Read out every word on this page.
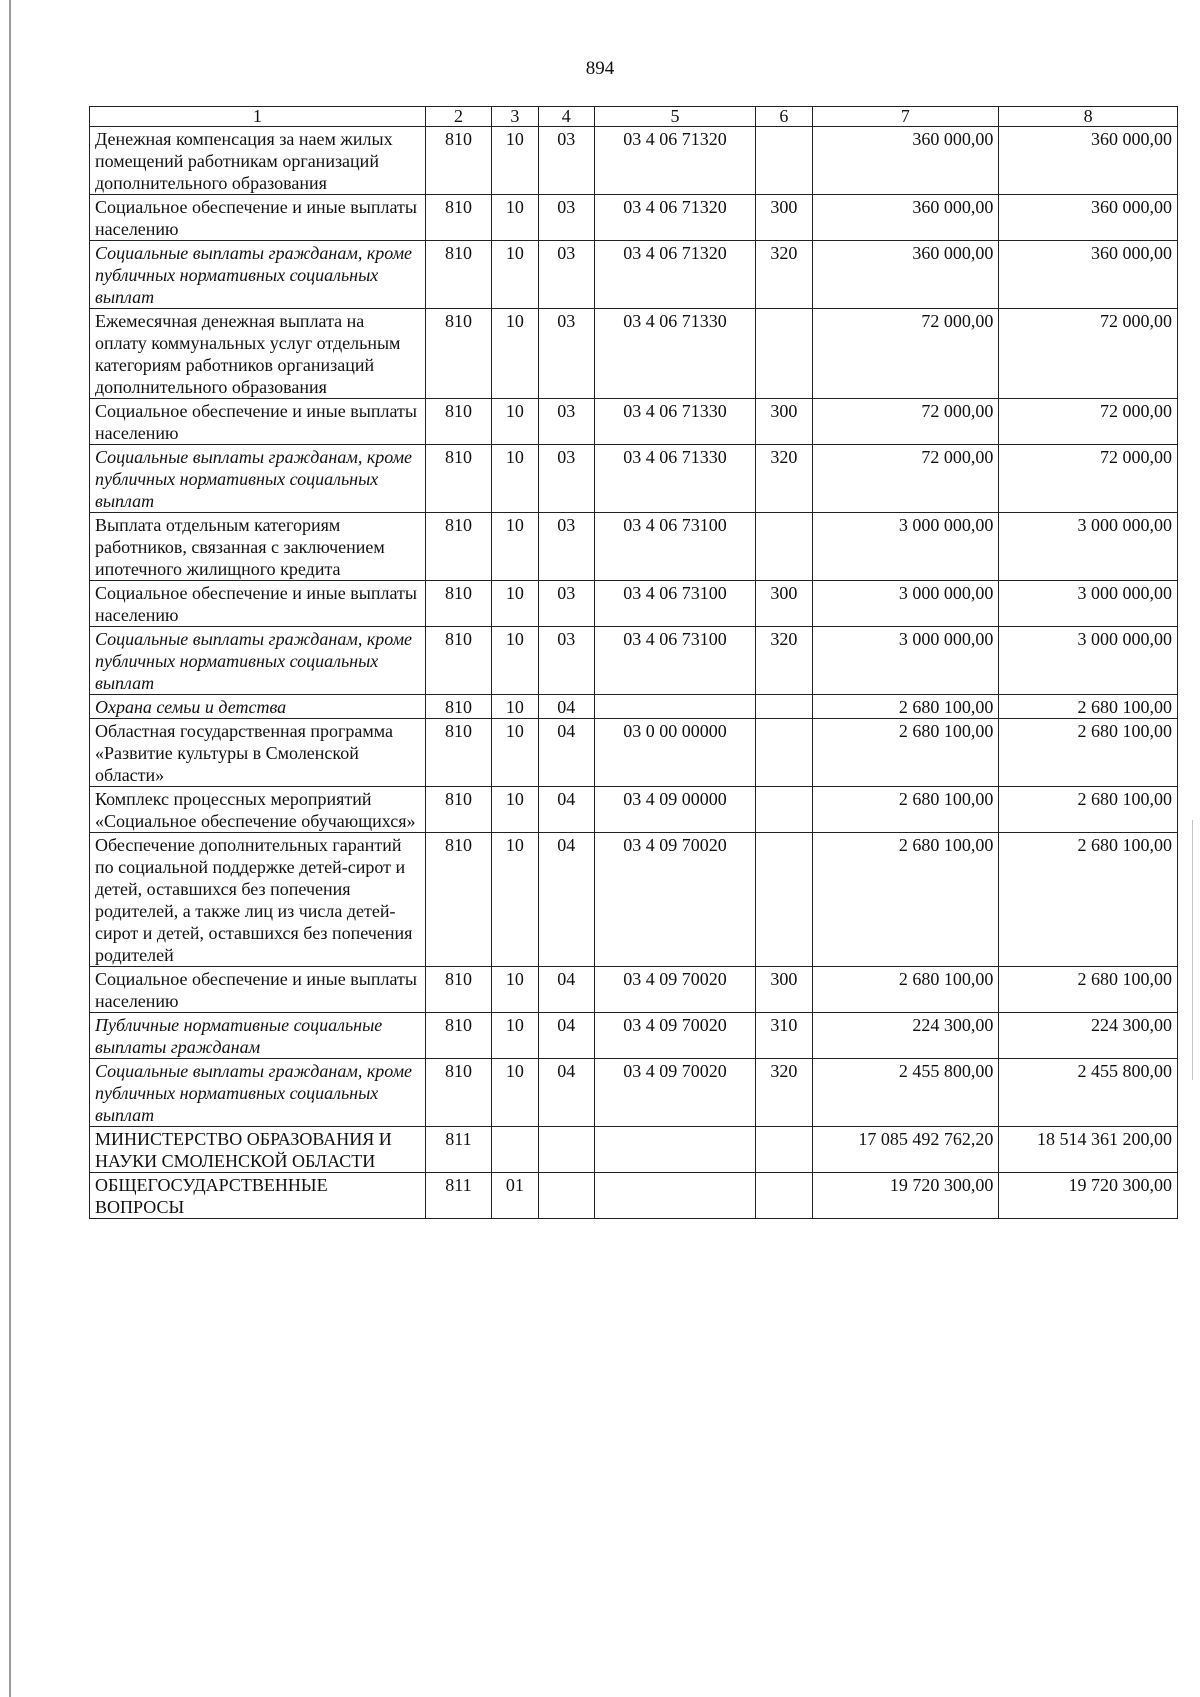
894
1	2	3	4	5	6	7	8
Денежная компенсация за наем жилых помещений работникам организаций дополнительного образования	810	10	03	03 4 06 71320		360 000,00	360 000,00
Социальное обеспечение и иные выплаты населению	810	10	03	03 4 06 71320	300	360 000,00	360 000,00
Социальные выплаты гражданам, кроме публичных нормативных социальных выплат	810	10	03	03 4 06 71320	320	360 000,00	360 000,00
Ежемесячная денежная выплата на оплату коммунальных услуг отдельным категориям работников организаций дополнительного образования	810	10	03	03 4 06 71330		72 000,00	72 000,00
Социальное обеспечение и иные выплаты населению	810	10	03	03 4 06 71330	300	72 000,00	72 000,00
Социальные выплаты гражданам, кроме публичных нормативных социальных выплат	810	10	03	03 4 06 71330	320	72 000,00	72 000,00
Выплата отдельным категориям работников, связанная с заключением ипотечного жилищного кредита	810	10	03	03 4 06 73100		3 000 000,00	3 000 000,00
Социальное обеспечение и иные выплаты населению	810	10	03	03 4 06 73100	300	3 000 000,00	3 000 000,00
Социальные выплаты гражданам, кроме публичных нормативных социальных выплат	810	10	03	03 4 06 73100	320	3 000 000,00	3 000 000,00
Охрана семьи и детства	810	10	04			2 680 100,00	2 680 100,00
Областная государственная программа «Развитие культуры в Смоленской области»	810	10	04	03 0 00 00000		2 680 100,00	2 680 100,00
Комплекс процессных мероприятий «Социальное обеспечение обучающихся»	810	10	04	03 4 09 00000		2 680 100,00	2 680 100,00
Обеспечение дополнительных гарантий по социальной поддержке детей-сирот и детей, оставшихся без попечения родителей, а также лиц из числа детей-сирот и детей, оставшихся без попечения родителей	810	10	04	03 4 09 70020		2 680 100,00	2 680 100,00
Социальное обеспечение и иные выплаты населению	810	10	04	03 4 09 70020	300	2 680 100,00	2 680 100,00
Публичные нормативные социальные выплаты гражданам	810	10	04	03 4 09 70020	310	224 300,00	224 300,00
Социальные выплаты гражданам, кроме публичных нормативных социальных выплат	810	10	04	03 4 09 70020	320	2 455 800,00	2 455 800,00
МИНИСТЕРСТВО ОБРАЗОВАНИЯ И НАУКИ СМОЛЕНСКОЙ ОБЛАСТИ	811					17 085 492 762,20	18 514 361 200,00
ОБЩЕГОСУДАРСТВЕННЫЕ ВОПРОСЫ	811	01				19 720 300,00	19 720 300,00
